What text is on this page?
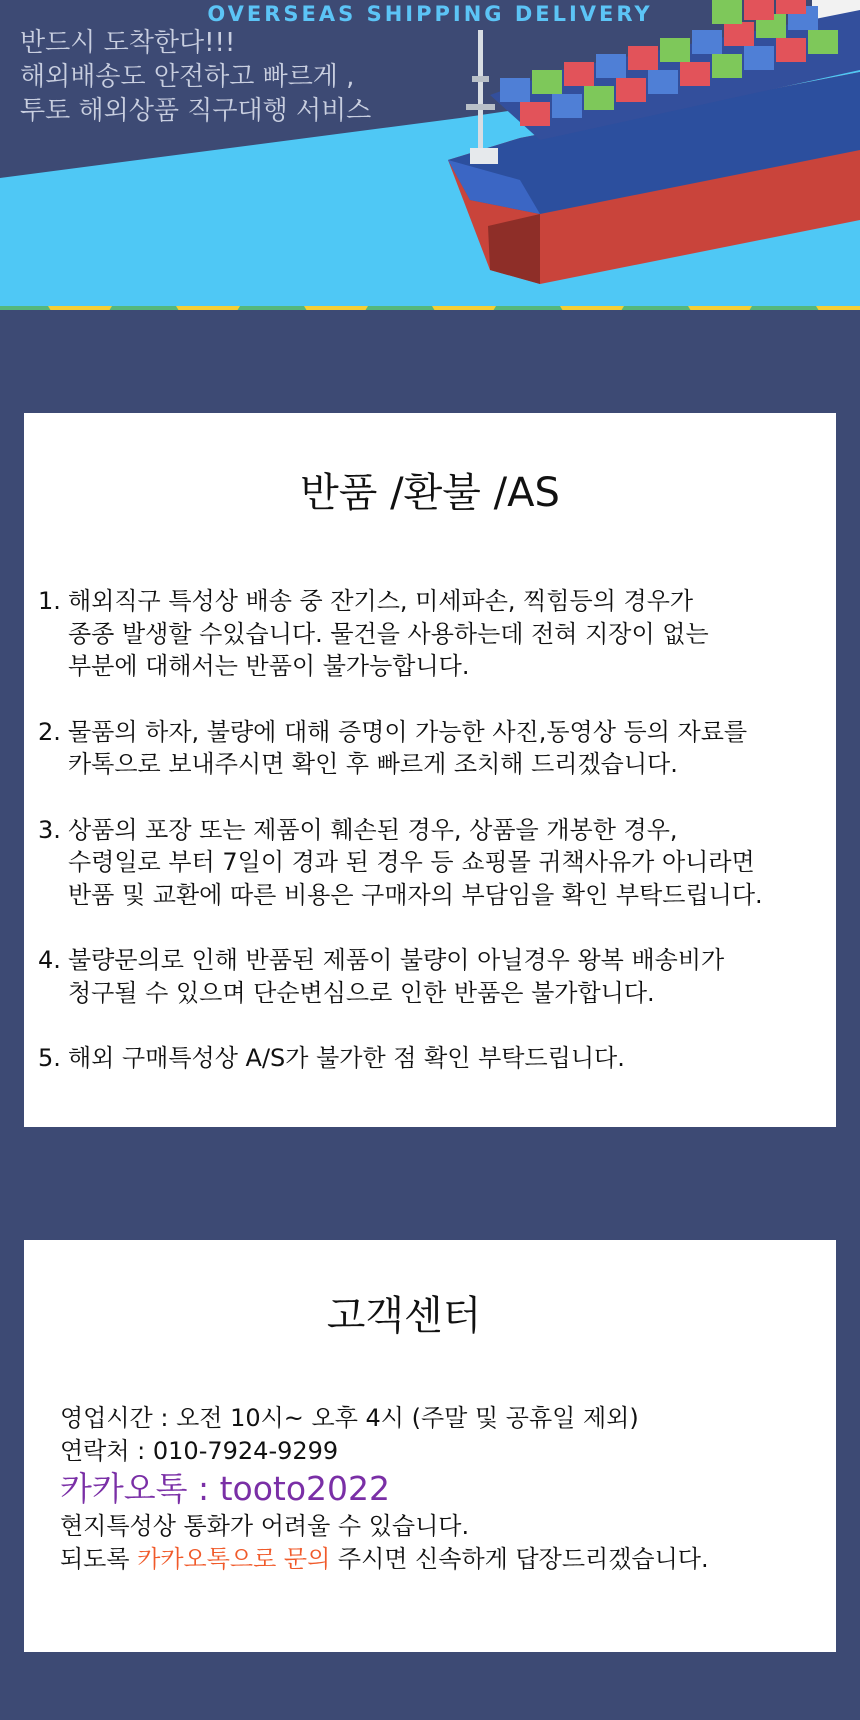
OVERSEAS SHIPPING DELIVERY
반드시 도착한다!!!
해외배송도 안전하고 빠르게 ,
투토 해외상품 직구대행 서비스
반품 /환불 /AS
1. 해외직구 특성상 배송 중 잔기스, 미세파손, 찍힘등의 경우가
종종 발생할 수있습니다. 물건을 사용하는데 전혀 지장이 없는
부분에 대해서는 반품이 불가능합니다.
2. 물품의 하자, 불량에 대해 증명이 가능한 사진,동영상 등의 자료를
카톡으로 보내주시면 확인 후 빠르게 조치해 드리겠습니다.
3. 상품의 포장 또는 제품이 훼손된 경우, 상품을 개봉한 경우,
수령일로 부터 7일이 경과 된 경우 등 쇼핑몰 귀책사유가 아니라면
반품 및 교환에 따른 비용은 구매자의 부담임을 확인 부탁드립니다.
4. 불량문의로 인해 반품된 제품이 불량이 아닐경우 왕복 배송비가
청구될 수 있으며 단순변심으로 인한 반품은 불가합니다.
5. 해외 구매특성상 A/S가 불가한 점 확인 부탁드립니다.
고객센터
영업시간 : 오전 10시~ 오후 4시 (주말 및 공휴일 제외)
연락처 : 010-7924-9299
카카오톡 : tooto2022
현지특성상 통화가 어려울 수 있습니다.
되도록 카카오톡으로 문의 주시면 신속하게 답장드리겠습니다.
